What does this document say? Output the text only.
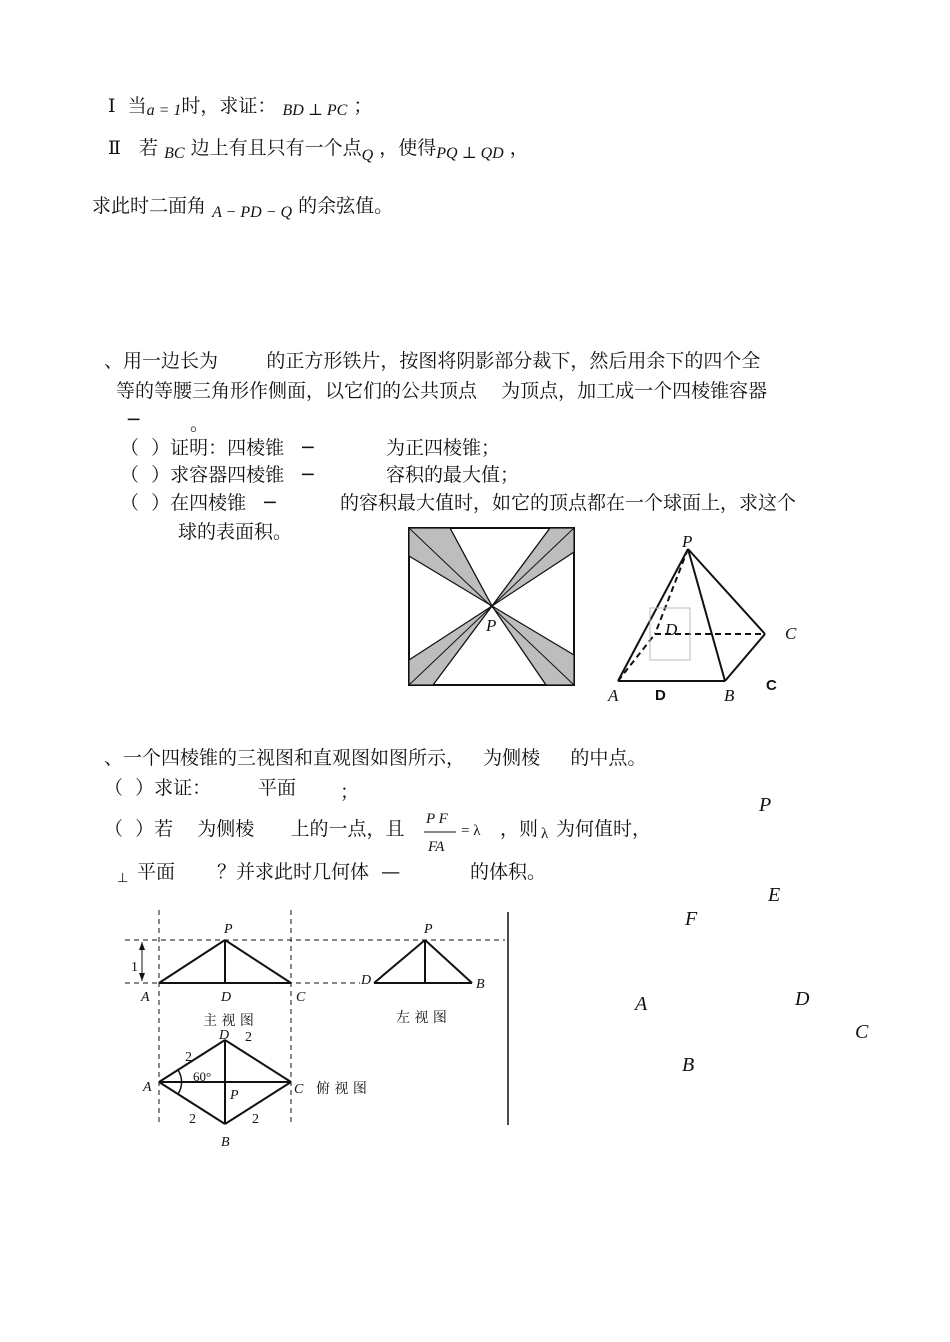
Ⅰ 当a = 1时，求证： BD ⊥ PC ；
Ⅱ 若 $_{BC}$ 边上有且只有一个点$_Q$ ，使得$_{PQ \perp QD}$ ，
求此时二面角 $_{A - PD - Q}$ 的余弦值。
、用一边长为        的正方形铁片，按图将阴影部分裁下，然后用余下的四个全
等的等腰三角形作侧面，以它们的公共顶点    为顶点，加工成一个四棱锥容器
─	。
（  ）证明：四棱锥   ─	为正四棱锥；
（  ）求容器四棱锥   ─	容积的最大值；
（  ）在四棱锥   ─	的容积最大值时，如它的顶点都在一个球面上，求这个
球的表面积。
P
P
D	C
A	B
D
C
、一个四棱锥的三视图和直观图如图所示，   为侧棱     的中点。
（  ）求证： 平面 ；
（  ）若    为侧棱      上的一点，且 P F
FA
= λ ，则 λ 为何值时，
⊥ 平面 ？并求此时几何体  —	的体积。
P
A	D	C
1
主 视 图
P
D	B
左 视 图
D
A	C
P
B
60°
2
2
2	2
俯 视 图
P
E
F
A	D
C
B
